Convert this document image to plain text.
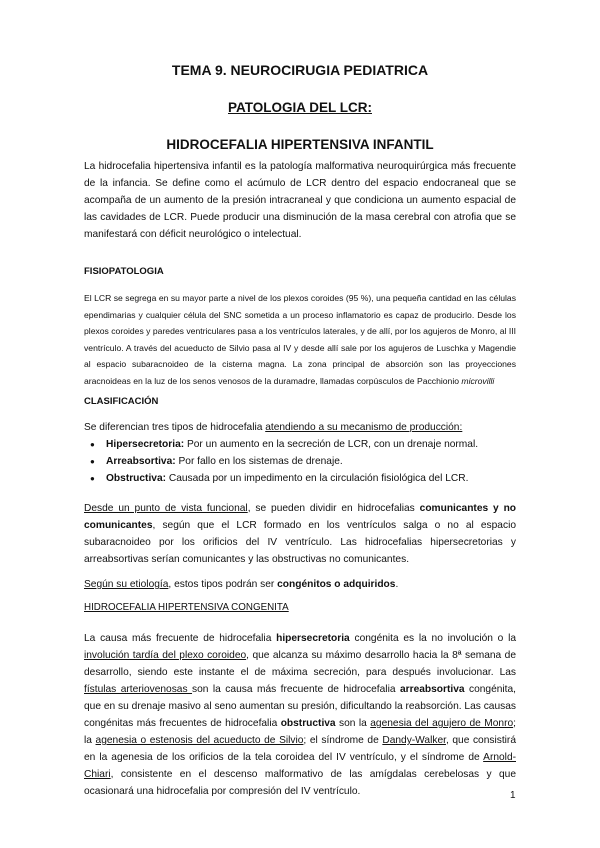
TEMA 9. NEUROCIRUGIA PEDIATRICA
PATOLOGIA DEL LCR:
HIDROCEFALIA HIPERTENSIVA INFANTIL

La hidrocefalia hipertensiva infantil es la patología malformativa neuroquirúrgica más frecuente de la infancia. Se define como el acúmulo de LCR dentro del espacio endocraneal que se acompaña de un aumento de la presión intracraneal y que condiciona un aumento espacial de las cavidades de LCR. Puede producir una disminución de la masa cerebral con atrofia que se manifestará con déficit neurológico o intelectual.

FISIOPATOLOGIA

El LCR se segrega en su mayor parte a nivel de los plexos coroides (95 %), una pequeña cantidad en las células ependimarias y cualquier célula del SNC sometida a un proceso inflamatorio es capaz de producirlo. Desde los plexos coroides y paredes ventriculares pasa a los ventrículos laterales, y de allí, por los agujeros de Monro, al III ventrículo. A través del acueducto de Silvio pasa al IV y desde allí sale por los agujeros de Luschka y Magendie al espacio subaracnoideo de la cisterna magna. La zona principal de absorción son las proyecciones aracnoideas en la luz de los senos venosos de la duramadre, llamadas corpúsculos de Pacchionio microvilli

CLASIFICACIÓN

Se diferencian tres tipos de hidrocefalia atendiendo a su mecanismo de producción:

● Hipersecretoria: Por un aumento en la secreción de LCR, con un drenaje normal.
● Arreabsortiva: Por fallo en los sistemas de drenaje.
● Obstructiva: Causada por un impedimento en la circulación fisiológica del LCR.

Desde un punto de vista funcional, se pueden dividir en hidrocefalias comunicantes y no comunicantes, según que el LCR formado en los ventrículos salga o no al espacio subaracnoideo por los orificios del IV ventrículo. Las hidrocefalias hipersecretorias y arreabsortivas serían comunicantes y las obstructivas no comunicantes.

Según su etiología, estos tipos podrán ser congénitos o adquiridos.

HIDROCEFALIA HIPERTENSIVA CONGENITA

La causa más frecuente de hidrocefalia hipersecretoria congénita es la no involución o la involución tardía del plexo coroideo, que alcanza su máximo desarrollo hacia la 8ª semana de desarrollo, siendo este instante el de máxima secreción, para después involucionar. Las fístulas arteriovenosas son la causa más frecuente de hidrocefalia arreabsortiva congénita, que en su drenaje masivo al seno aumentan su presión, dificultando la reabsorción. Las causas congénitas más frecuentes de hidrocefalia obstructiva son la agenesia del agujero de Monro; la agenesia o estenosis del acueducto de Silvio; el síndrome de Dandy-Walker, que consistirá en la agenesia de los orificios de la tela coroidea del IV ventrículo, y el síndrome de Arnold-Chiari, consistente en el descenso malformativo de las amígdalas cerebelosas y que ocasionará una hidrocefalia por compresión del IV ventrículo.	1
